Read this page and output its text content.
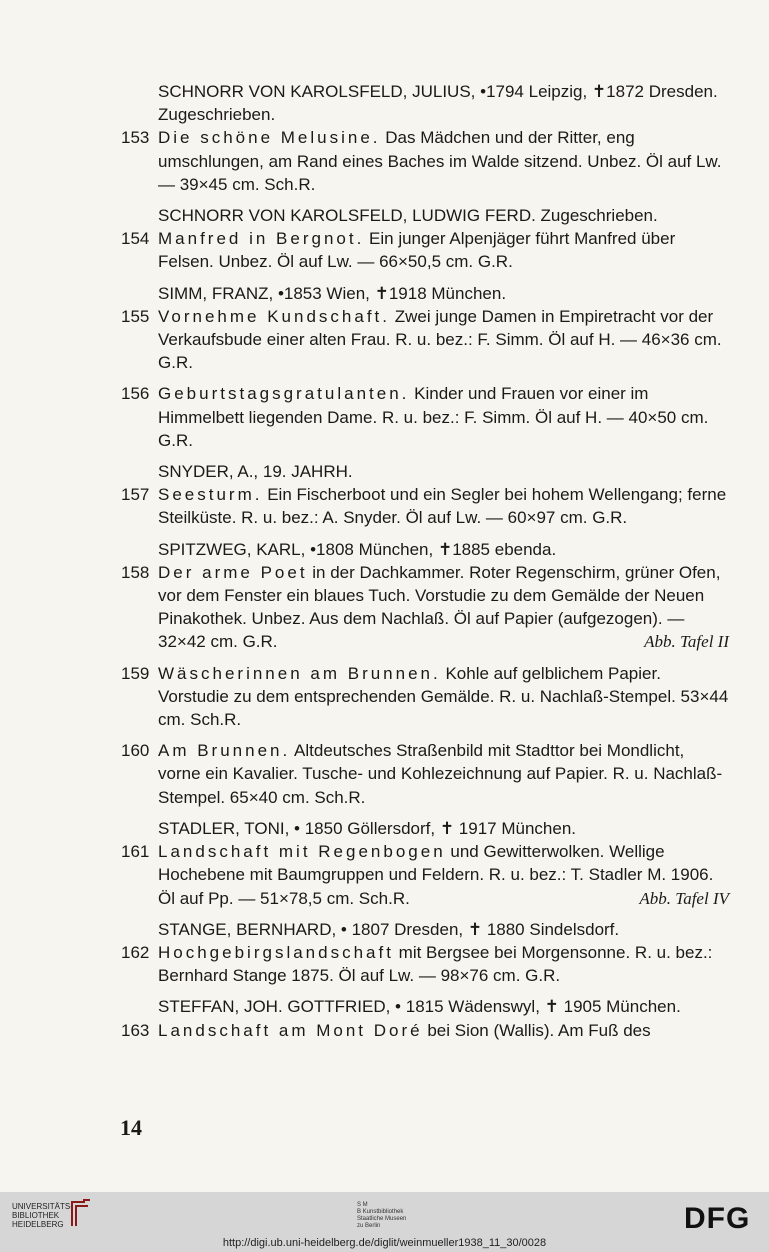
SCHNORR VON KAROLSFELD, JULIUS, •1794 Leipzig, ✝1872 Dresden. Zugeschrieben.
153 Die schöne Melusine. Das Mädchen und der Ritter, eng umschlungen, am Rand eines Baches im Walde sitzend. Unbez. Öl auf Lw. — 39×45 cm. Sch.R.
SCHNORR VON KAROLSFELD, LUDWIG FERD. Zugeschrieben.
154 Manfred in Bergnot. Ein junger Alpenjäger führt Manfred über Felsen. Unbez. Öl auf Lw. — 66×50,5 cm. G.R.
SIMM, FRANZ, •1853 Wien, ✝1918 München.
155 Vornehme Kundschaft. Zwei junge Damen in Empiretracht vor der Verkaufsbude einer alten Frau. R. u. bez.: F. Simm. Öl auf H. — 46×36 cm. G.R.
156 Geburtstagsgratulanten. Kinder und Frauen vor einer im Himmelbett liegenden Dame. R. u. bez.: F. Simm. Öl auf H. — 40×50 cm. G.R.
SNYDER, A., 19. JAHRH.
157 Seesturm. Ein Fischerboot und ein Segler bei hohem Wellengang; ferne Steilküste. R. u. bez.: A. Snyder. Öl auf Lw. — 60×97 cm. G.R.
SPITZWEG, KARL, •1808 München, ✝1885 ebenda.
158 Der arme Poet in der Dachkammer. Roter Regenschirm, grüner Ofen, vor dem Fenster ein blaues Tuch. Vorstudie zu dem Gemälde der Neuen Pinakothek. Unbez. Aus dem Nachlaß. Öl auf Papier (aufgezogen). — 32×42 cm. G.R.	Abb. Tafel II
159 Wäscherinnen am Brunnen. Kohle auf gelblichem Papier. Vorstudie zu dem entsprechenden Gemälde. R. u. Nachlaß-Stempel. 53×44 cm. Sch.R.
160 Am Brunnen. Altdeutsches Straßenbild mit Stadttor bei Mondlicht, vorne ein Kavalier. Tusche- und Kohlezeichnung auf Papier. R. u. Nachlaß-Stempel. 65×40 cm. Sch.R.
STADLER, TONI, • 1850 Göllersdorf, ✝ 1917 München.
161 Landschaft mit Regenbogen und Gewitterwolken. Wellige Hochebene mit Baumgruppen und Feldern. R. u. bez.: T. Stadler M. 1906. Öl auf Pp. — 51×78,5 cm. Sch.R.	Abb. Tafel IV
STANGE, BERNHARD, • 1807 Dresden, ✝ 1880 Sindelsdorf.
162 Hochgebirgslandschaft mit Bergsee bei Morgensonne. R. u. bez.: Bernhard Stange 1875. Öl auf Lw. — 98×76 cm. G.R.
STEFFAN, JOH. GOTTFRIED, • 1815 Wädenswyl, ✝ 1905 München.
163 Landschaft am Mont Doré bei Sion (Wallis). Am Fuß des
14
UNIVERSITÄTS-
BIBLIOTHEK
HEIDELBERG
S M
B Kunstbibliothek
Staatliche Museen
zu Berlin	DFG
http://digi.ub.uni-heidelberg.de/diglit/weinmueller1938_11_30/0028
